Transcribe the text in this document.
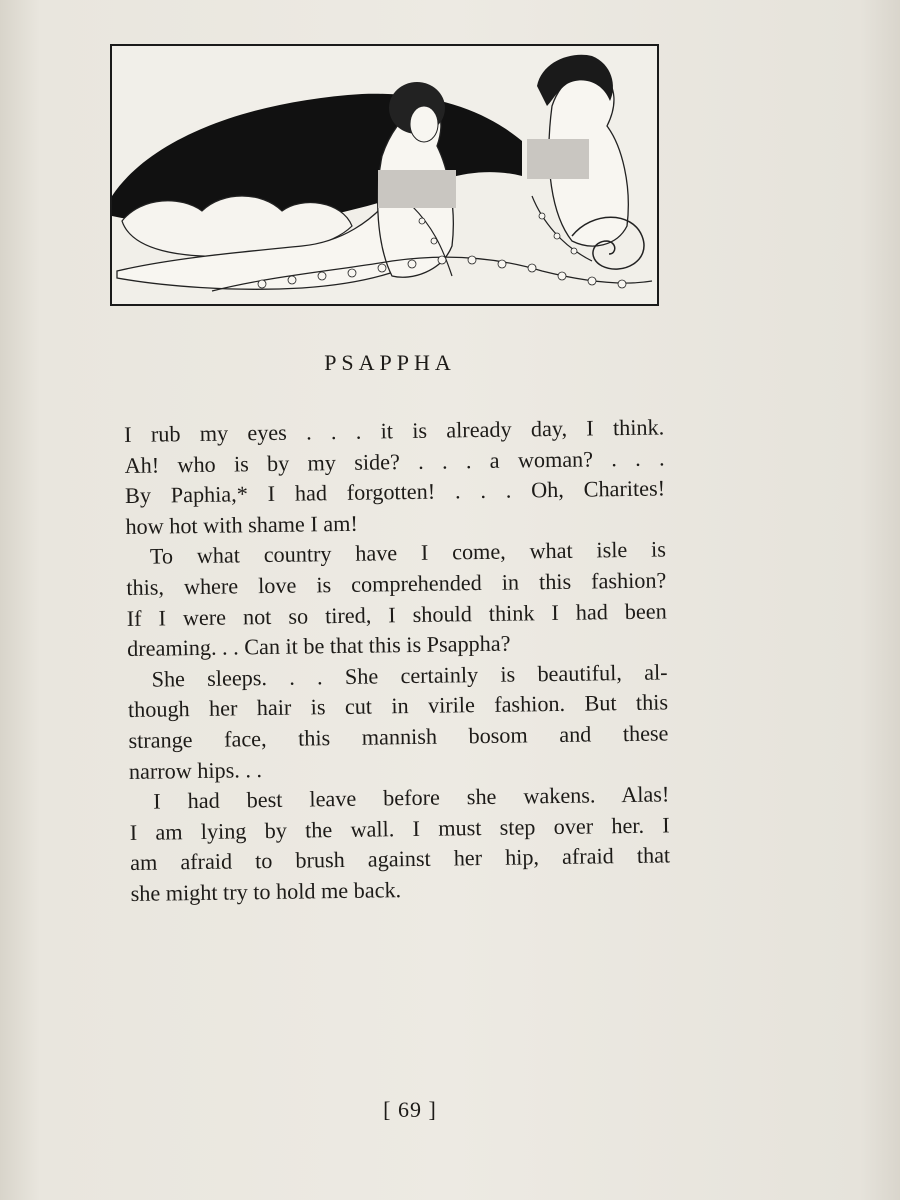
PSAPPHA
I rub my eyes . . . it is already day, I think.
Ah! who is by my side? . . . a woman? . . .
By Paphia,* I had forgotten! . . . Oh, Charites!
how hot with shame I am!
To what country have I come, what isle is
this, where love is comprehended in this fashion?
If I were not so tired, I should think I had been
dreaming. . . Can it be that this is Psappha?
She sleeps. . . She certainly is beautiful, al-
though her hair is cut in virile fashion. But this
strange face, this mannish bosom and these
narrow hips. . .
I had best leave before she wakens. Alas!
I am lying by the wall. I must step over her. I
am afraid to brush against her hip, afraid that
she might try to hold me back.
[ 69 ]
